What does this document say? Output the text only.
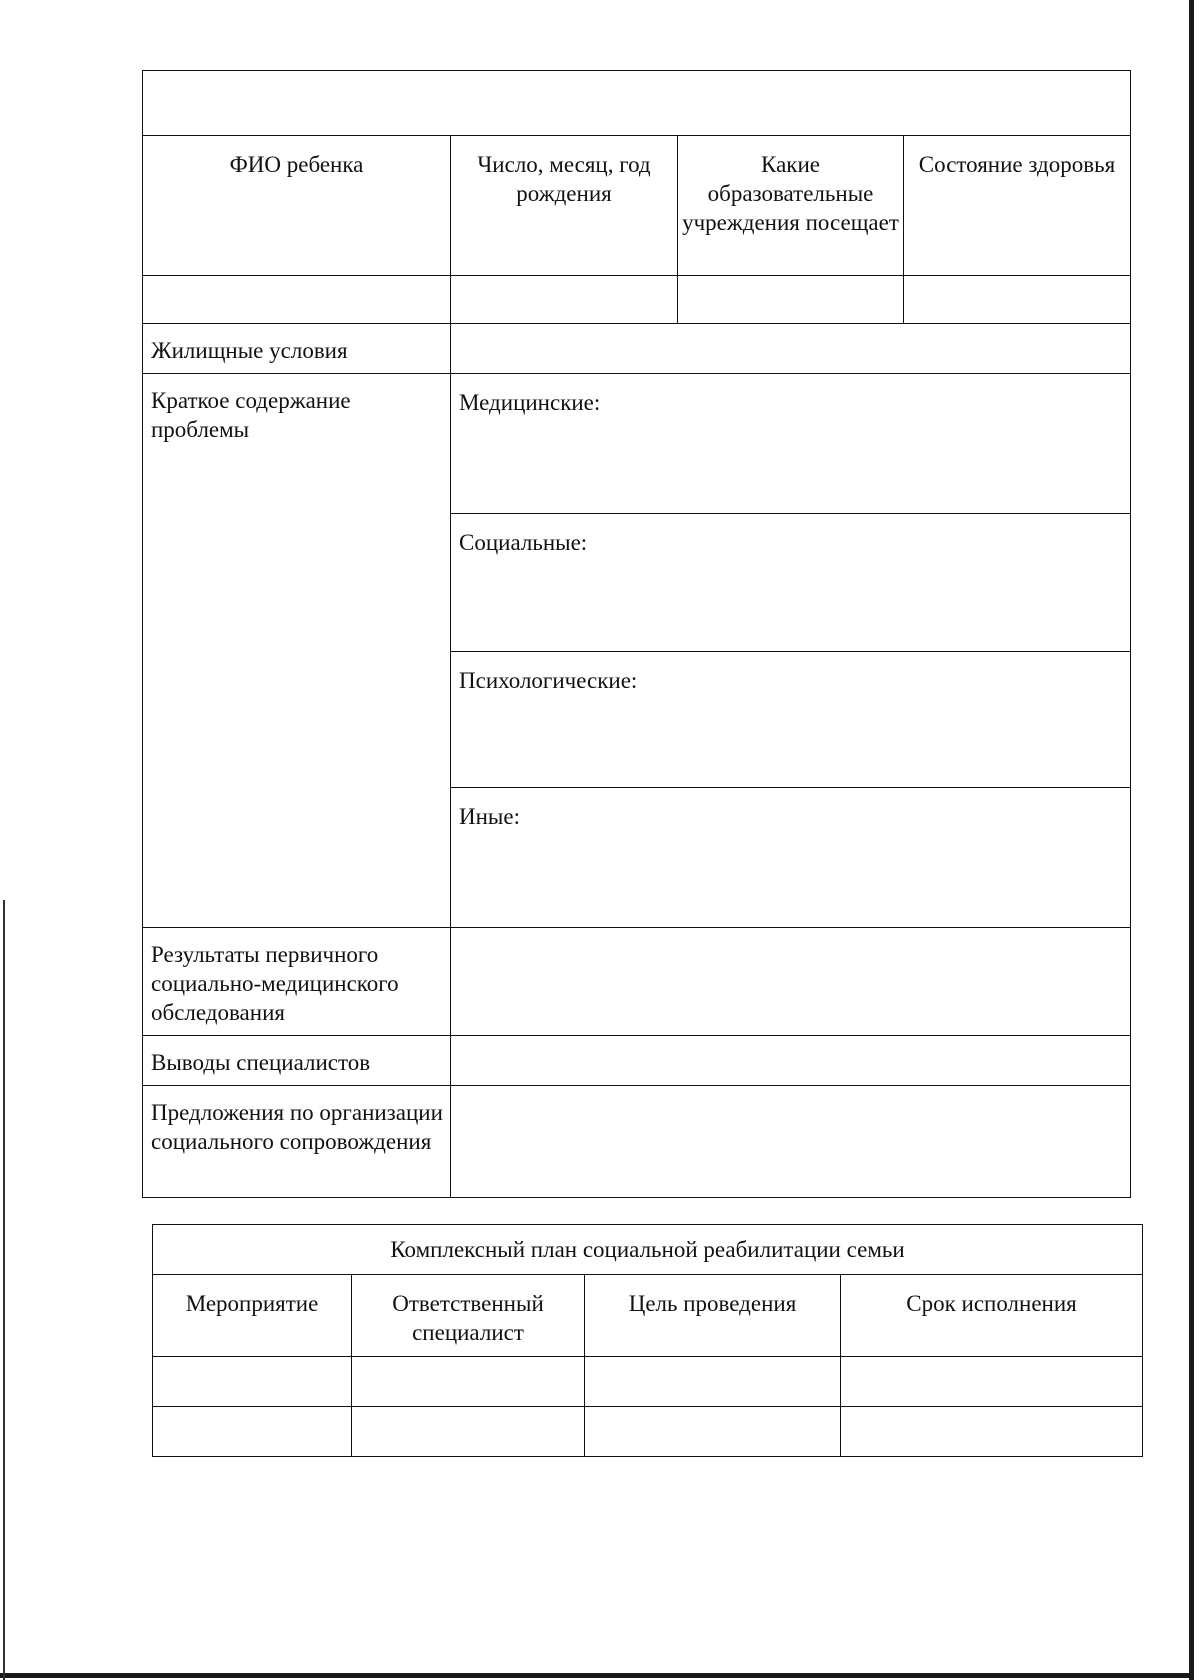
ФИО ребенка	Число, месяц, год рождения	Какие образовательные учреждения посещает	Состояние здоровья

Жилищные условия			
Краткое содержание проблемы	Медицинские:		
	Социальные:		
	Психологические:		
	Иные:		
Результаты первичного социально-медицинского обследования			
Выводы специалистов			
Предложения по организации социального сопровождения			
Комплексный план социальной реабилитации семьи			
Мероприятие	Ответственный специалист	Цель проведения	Срок исполнения
